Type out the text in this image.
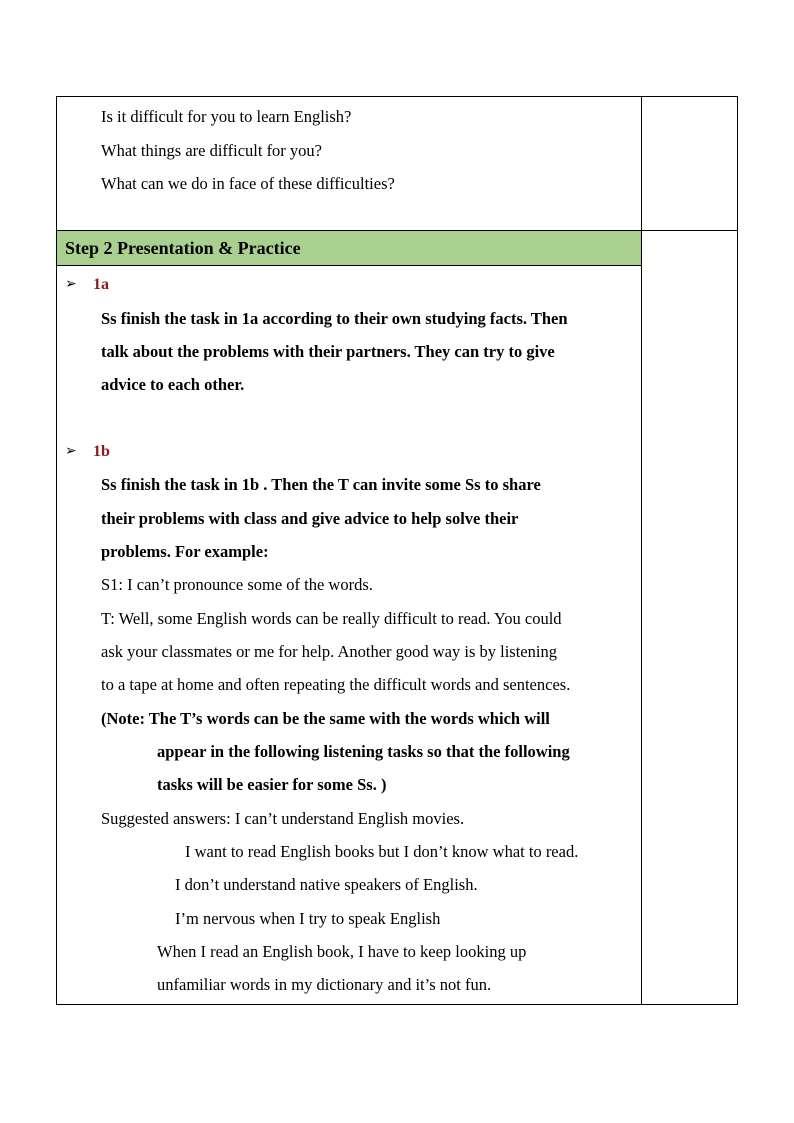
Is it difficult for you to learn English?
What things are difficult for you?
What can we do in face of these difficulties?
Step 2 Presentation & Practice
➢ 1a
Ss finish the task in 1a according to their own studying facts. Then
talk about the problems with their partners. They can try to give
advice to each other.
➢ 1b
Ss finish the task in 1b . Then the T can invite some Ss to share
their problems with class and give advice to help solve their
problems. For example:
S1: I can’t pronounce some of the words.
T: Well, some English words can be really difficult to read. You could
ask your classmates or me for help. Another good way is by listening
to a tape at home and often repeating the difficult words and sentences.
(Note: The T’s words can be the same with the words which will
appear in the following listening tasks so that the following
tasks will be easier for some Ss. )
Suggested answers: I can’t understand English movies.
I want to read English books but I don’t know what to read.
I don’t understand native speakers of English.
I’m nervous when I try to speak English
When I read an English book, I have to keep looking up
unfamiliar words in my dictionary and it’s not fun.
